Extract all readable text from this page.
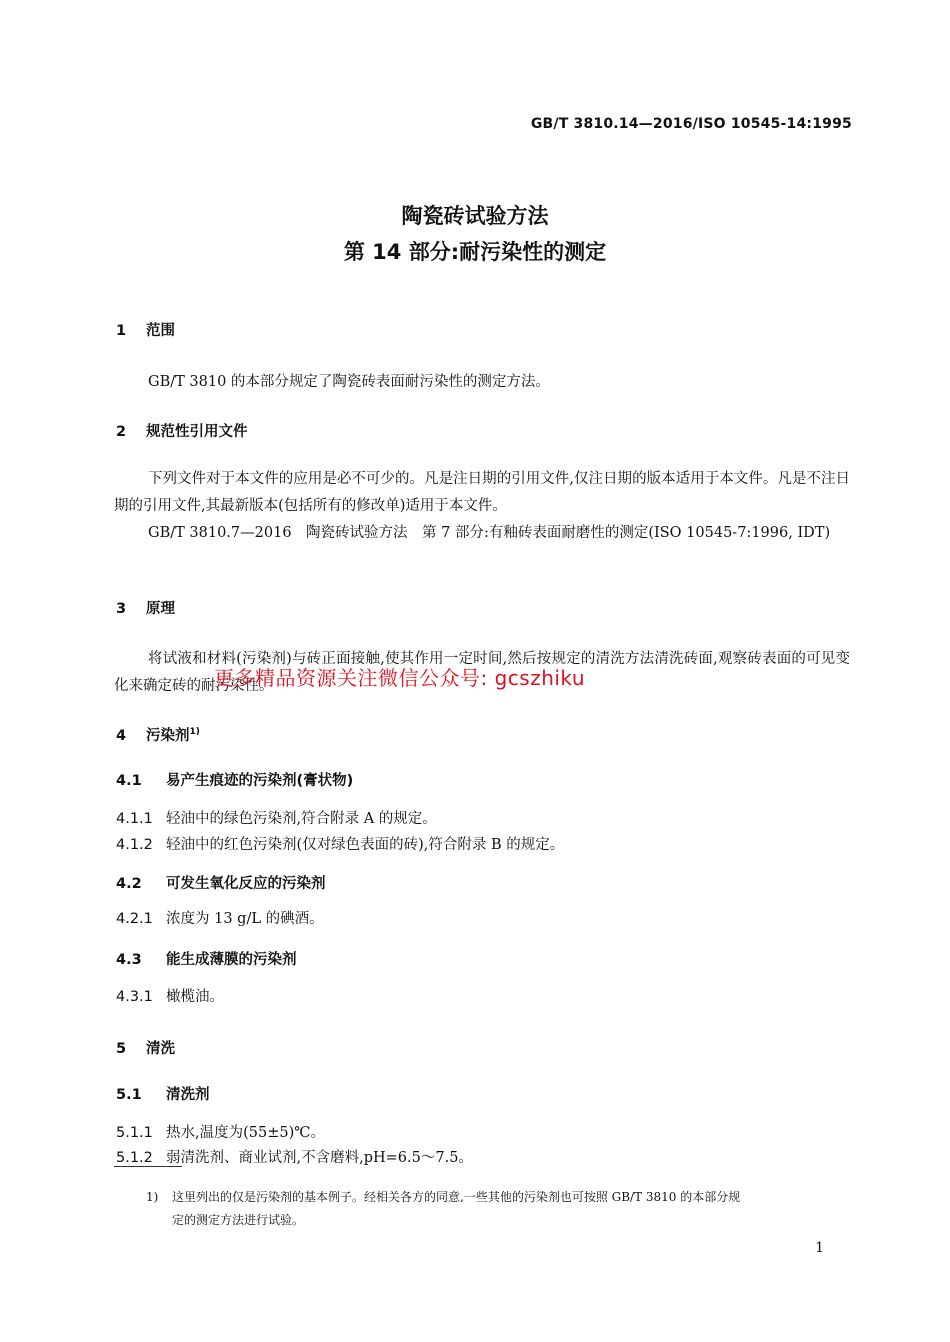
GB/T 3810.14—2016/ISO 10545-14:1995
陶瓷砖试验方法
第 14 部分:耐污染性的测定
1 范围
GB/T 3810 的本部分规定了陶瓷砖表面耐污染性的测定方法。
2 规范性引用文件
下列文件对于本文件的应用是必不可少的。凡是注日期的引用文件,仅注日期的版本适用于本文件。凡是不注日期的引用文件,其最新版本(包括所有的修改单)适用于本文件。
GB/T 3810.7—2016　陶瓷砖试验方法　第 7 部分:有釉砖表面耐磨性的测定(ISO 10545-7:1996, IDT)
3 原理
将试液和材料(污染剂)与砖正面接触,使其作用一定时间,然后按规定的清洗方法清洗砖面,观察砖表面的可见变化来确定砖的耐污染性。
更多精品资源关注微信公众号: gcszhiku
4 污染剂$^{1)}$
4.1 易产生痕迹的污染剂(膏状物)
4.1.1 轻油中的绿色污染剂,符合附录 A 的规定。
4.1.2 轻油中的红色污染剂(仅对绿色表面的砖),符合附录 B 的规定。
4.2 可发生氧化反应的污染剂
4.2.1 浓度为 13 g/L 的碘酒。
4.3 能生成薄膜的污染剂
4.3.1 橄榄油。
5 清洗
5.1 清洗剂
5.1.1 热水,温度为(55±5)℃。
5.1.2 弱清洗剂、商业试剂,不含磨料,pH=6.5～7.5。
1) 这里列出的仅是污染剂的基本例子。经相关各方的同意,一些其他的污染剂也可按照 GB/T 3810 的本部分规
定的测定方法进行试验。
1
